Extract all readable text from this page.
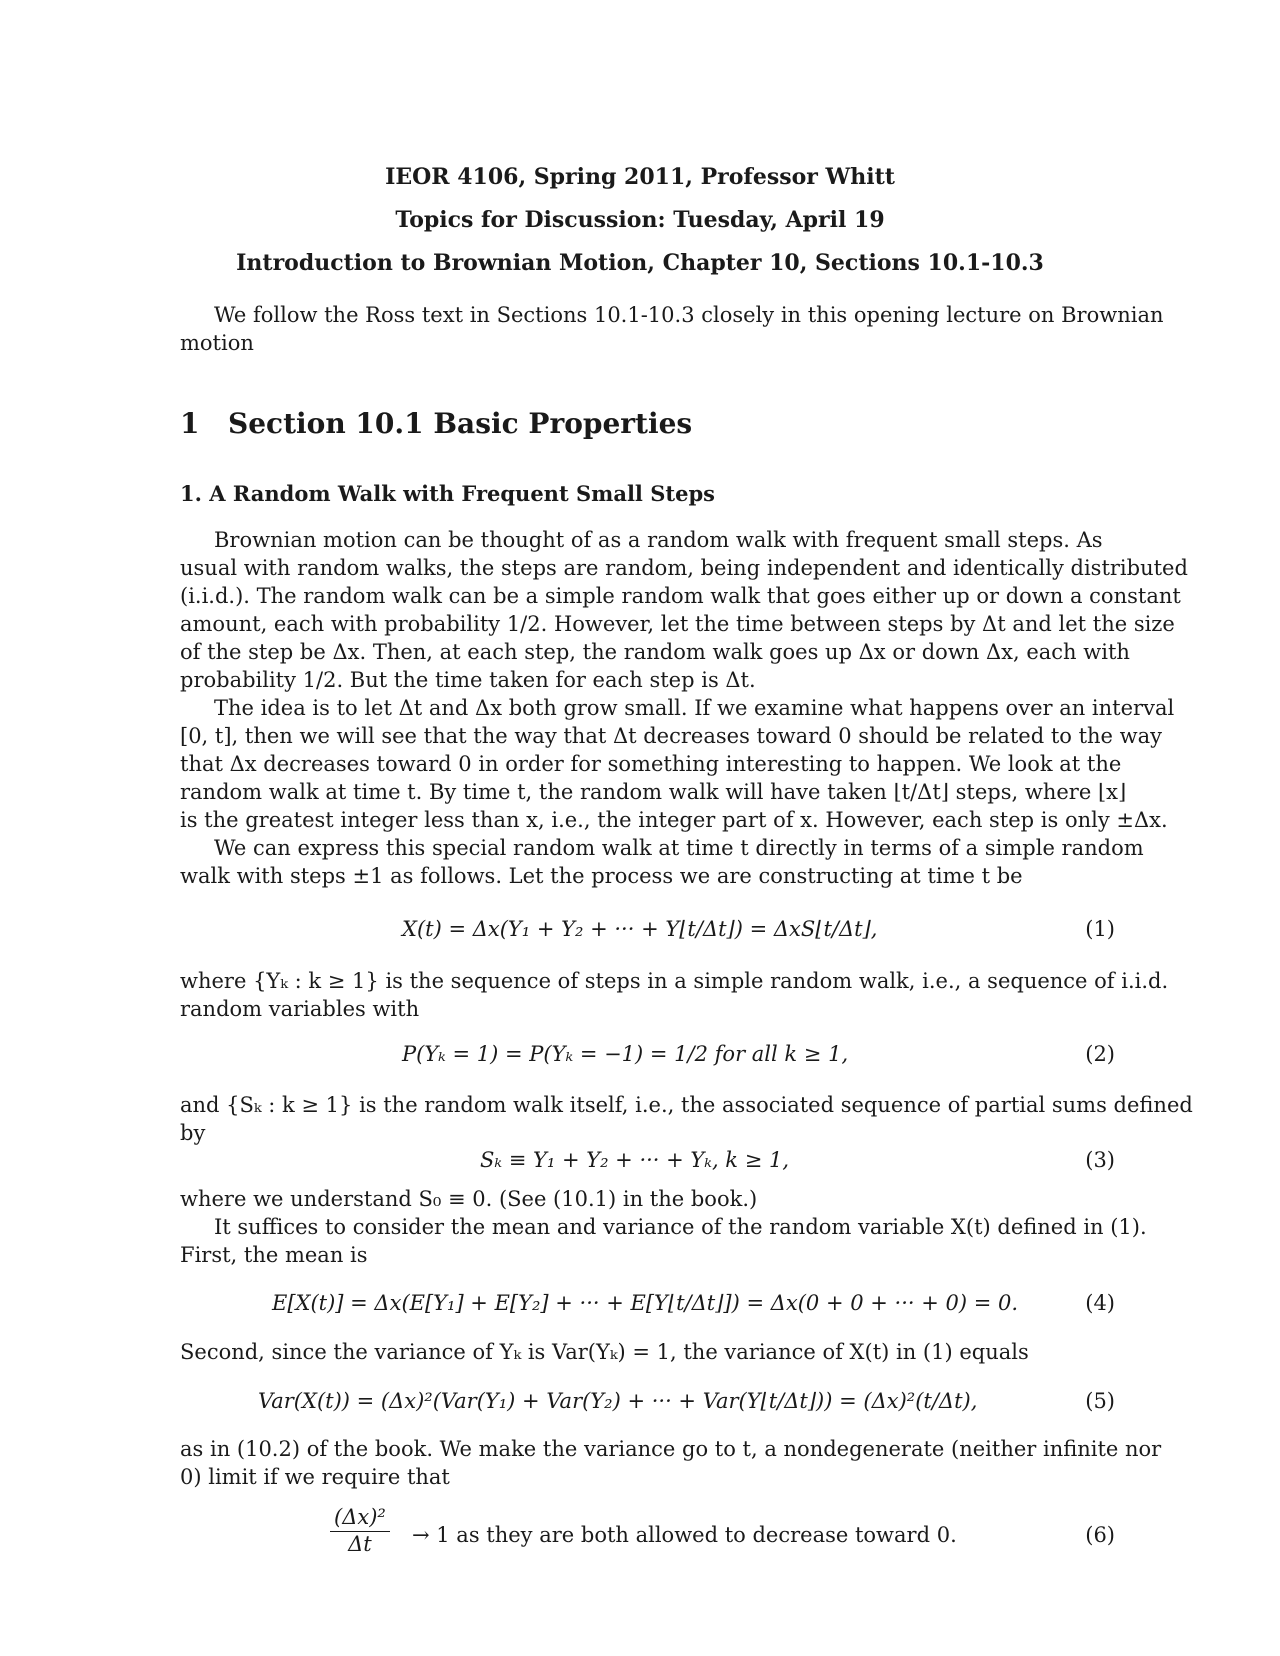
IEOR 4106, Spring 2011, Professor Whitt
Topics for Discussion: Tuesday, April 19
Introduction to Brownian Motion, Chapter 10, Sections 10.1-10.3
We follow the Ross text in Sections 10.1-10.3 closely in this opening lecture on Brownian
motion
1 Section 10.1 Basic Properties
1. A Random Walk with Frequent Small Steps
Brownian motion can be thought of as a random walk with frequent small steps. As
usual with random walks, the steps are random, being independent and identically distributed
(i.i.d.). The random walk can be a simple random walk that goes either up or down a constant
amount, each with probability 1/2. However, let the time between steps by Δt and let the size
of the step be Δx. Then, at each step, the random walk goes up Δx or down Δx, each with
probability 1/2. But the time taken for each step is Δt.
The idea is to let Δt and Δx both grow small. If we examine what happens over an interval
[0, t], then we will see that the way that Δt decreases toward 0 should be related to the way
that Δx decreases toward 0 in order for something interesting to happen. We look at the
random walk at time t. By time t, the random walk will have taken ⌊t/Δt⌋ steps, where ⌊x⌋
is the greatest integer less than x, i.e., the integer part of x. However, each step is only ±Δx.
We can express this special random walk at time t directly in terms of a simple random
walk with steps ±1 as follows. Let the process we are constructing at time t be
X(t) = Δx(Y₁ + Y₂ + ··· + Y⌊t/Δt⌋) = ΔxS⌊t/Δt⌋,	(1)
where {Yₖ : k ≥ 1} is the sequence of steps in a simple random walk, i.e., a sequence of i.i.d.
random variables with
P(Yₖ = 1) = P(Yₖ = −1) = 1/2 for all k ≥ 1,	(2)
and {Sₖ : k ≥ 1} is the random walk itself, i.e., the associated sequence of partial sums defined
by
Sₖ ≡ Y₁ + Y₂ + ··· + Yₖ, k ≥ 1,	(3)
where we understand S₀ ≡ 0. (See (10.1) in the book.)
It suffices to consider the mean and variance of the random variable X(t) defined in (1).
First, the mean is
E[X(t)] = Δx(E[Y₁] + E[Y₂] + ··· + E[Y⌊t/Δt⌋]) = Δx(0 + 0 + ··· + 0) = 0.	(4)
Second, since the variance of Yₖ is Var(Yₖ) = 1, the variance of X(t) in (1) equals
Var(X(t)) = (Δx)²(Var(Y₁) + Var(Y₂) + ··· + Var(Y⌊t/Δt⌋)) = (Δx)²(t/Δt),	(5)
as in (10.2) of the book. We make the variance go to t, a nondegenerate (neither infinite nor
0) limit if we require that
$\frac{\text{(Δx)²}}{\Delta t} \to 1$ as they are both allowed to decrease toward 0.	(6)
